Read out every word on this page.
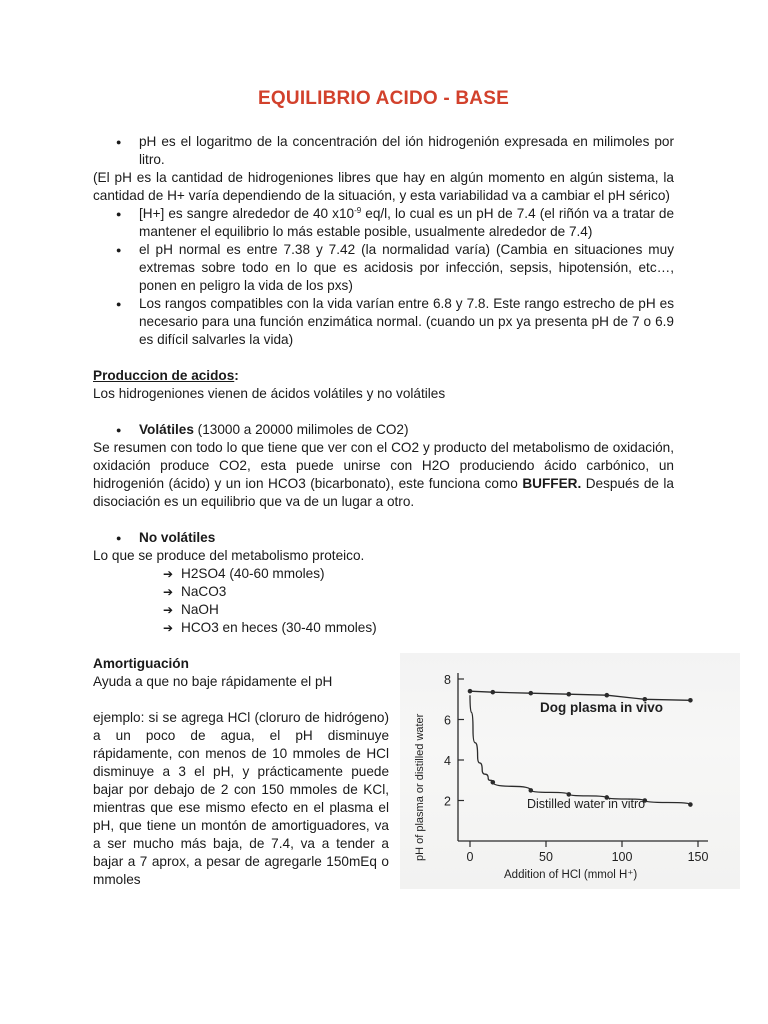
EQUILIBRIO ACIDO - BASE
● pH es el logaritmo de la concentración del ión hidrogenión expresada en milimoles por litro.

(El pH es la cantidad de hidrogeniones libres que hay en algún momento en algún sistema, la cantidad de H+ varía dependiendo de la situación, y esta variabilidad va a cambiar el pH sérico)

● [H+] es sangre alrededor de 40 $x10^{-9}$ eq/l, lo cual es un pH de 7.4 (el riñón va a tratar de mantener el equilibrio lo más estable posible, usualmente alrededor de 7.4)
● el pH normal es entre 7.38 y 7.42 (la normalidad varía) (Cambia en situaciones muy extremas sobre todo en lo que es acidosis por infección, sepsis, hipotensión, etc…, ponen en peligro la vida de los pxs)
● Los rangos compatibles con la vida varían entre 6.8 y 7.8. Este rango estrecho de pH es necesario para una función enzimática normal. (cuando un px ya presenta pH de 7 o 6.9 es difícil salvarles la vida)

Produccion de acidos:

Los hidrogeniones vienen de ácidos volátiles y no volátiles

● Volátiles (13000 a 20000 milimoles de CO2)

Se resumen con todo lo que tiene que ver con el CO2 y producto del metabolismo de oxidación, oxidación produce CO2, esta puede unirse con H2O produciendo ácido carbónico, un hidrogenión (ácido) y un ion HCO3 (bicarbonato), este funciona como BUFFER. Después de la disociación es un equilibrio que va de un lugar a otro.

● No volátiles

Lo que se produce del metabolismo proteico.

➔ H2SO4 (40-60 mmoles)
➔ NaCO3
➔ NaOH
➔ HCO3 en heces (30-40 mmoles)

Amortiguación

Ayuda a que no baje rápidamente el pH

ejemplo: si se agrega HCl (cloruro de hidrógeno) a un poco de agua, el pH disminuye rápidamente, con menos de 10 mmoles de HCl disminuye a 3 el pH, y prácticamente puede bajar por debajo de 2 con 150 mmoles de KCl, mientras que ese mismo efecto en el plasma el pH, que tiene un montón de amortiguadores, va a ser mucho más baja, de 7.4, va a tender a bajar a 7 aprox, a pesar de agregarle 150mEq o mmoles

2
4
6
8
0	50	100	150
Dog plasma in vivo
Distilled water in vitro
Addition of HCl (mmol H⁺)
pH of plasma or distilled water
